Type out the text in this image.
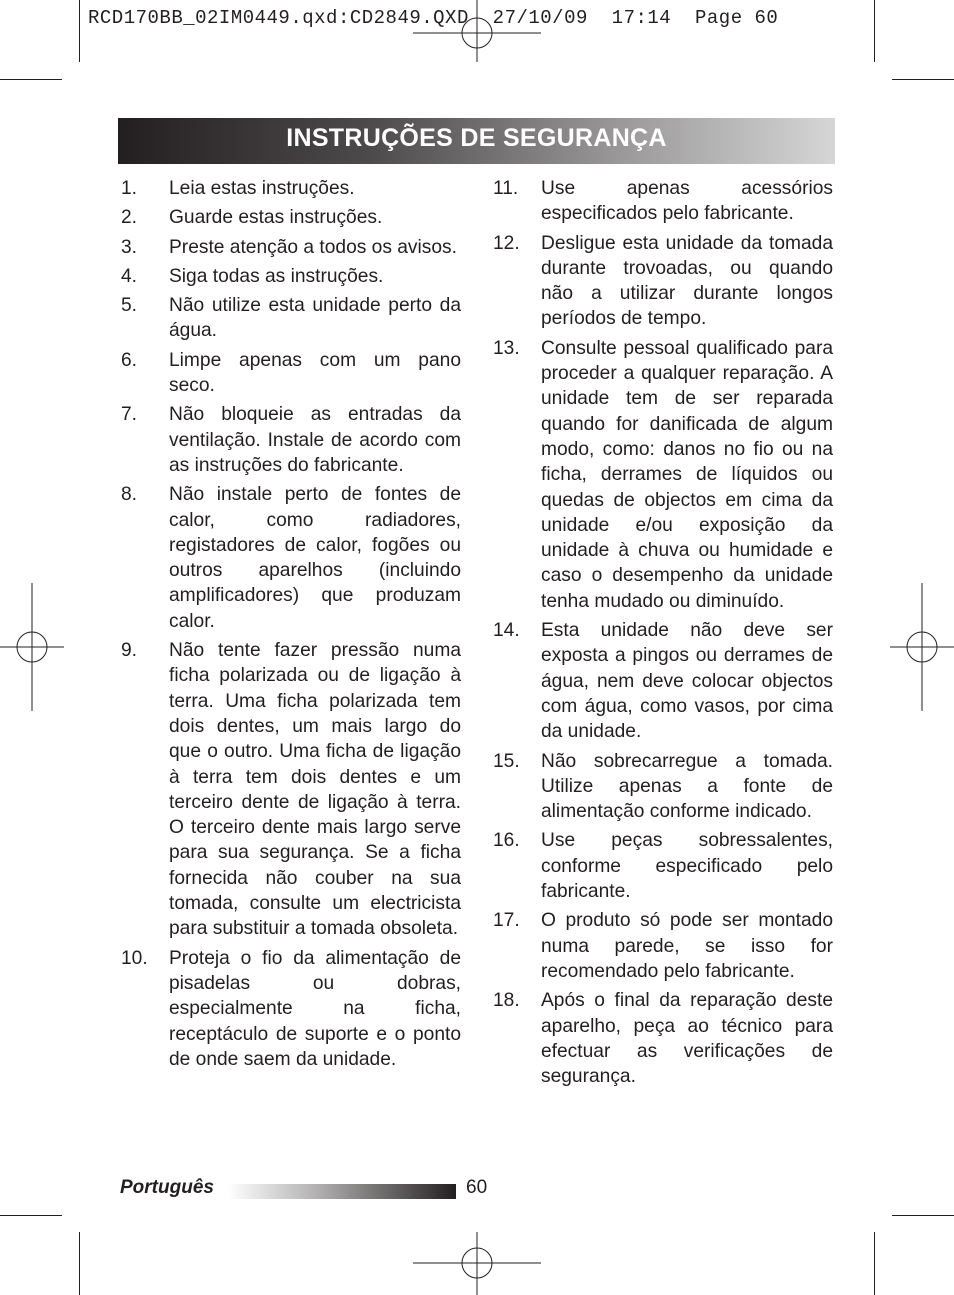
RCD170BB_02IM0449.qxd:CD2849.QXD  27/10/09  17:14  Page 60
INSTRUÇÕES DE SEGURANÇA
1. Leia estas instruções.
2. Guarde estas instruções.
3. Preste atenção a todos os avisos.
4. Siga todas as instruções.
5. Não utilize esta unidade perto da água.
6. Limpe apenas com um pano seco.
7. Não bloqueie as entradas da ventilação. Instale de acordo com as instruções do fabricante.
8. Não instale perto de fontes de calor, como radiadores, registadores de calor, fogões ou outros aparelhos (incluindo amplificadores) que produzam calor.
9. Não tente fazer pressão numa ficha polarizada ou de ligação à terra. Uma ficha polarizada tem dois dentes, um mais largo do que o outro. Uma ficha de ligação à terra tem dois dentes e um terceiro dente de ligação à terra. O terceiro dente mais largo serve para sua segurança. Se a ficha fornecida não couber na sua tomada, consulte um electricista para substituir a tomada obsoleta.
10. Proteja o fio da alimentação de pisadelas ou dobras, especialmente na ficha, receptáculo de suporte e o ponto de onde saem da unidade.
11. Use apenas acessórios especificados pelo fabricante.
12. Desligue esta unidade da tomada durante trovoadas, ou quando não a utilizar durante longos períodos de tempo.
13. Consulte pessoal qualificado para proceder a qualquer reparação. A unidade tem de ser reparada quando for danificada de algum modo, como: danos no fio ou na ficha, derrames de líquidos ou quedas de objectos em cima da unidade e/ou exposição da unidade à chuva ou humidade e caso o desempenho da unidade tenha mudado ou diminuído.
14. Esta unidade não deve ser exposta a pingos ou derrames de água, nem deve colocar objectos com água, como vasos, por cima da unidade.
15. Não sobrecarregue a tomada. Utilize apenas a fonte de alimentação conforme indicado.
16. Use peças sobressalentes, conforme especificado pelo fabricante.
17. O produto só pode ser montado numa parede, se isso for recomendado pelo fabricante.
18. Após o final da reparação deste aparelho, peça ao técnico para efectuar as verificações de segurança.
Português	60
